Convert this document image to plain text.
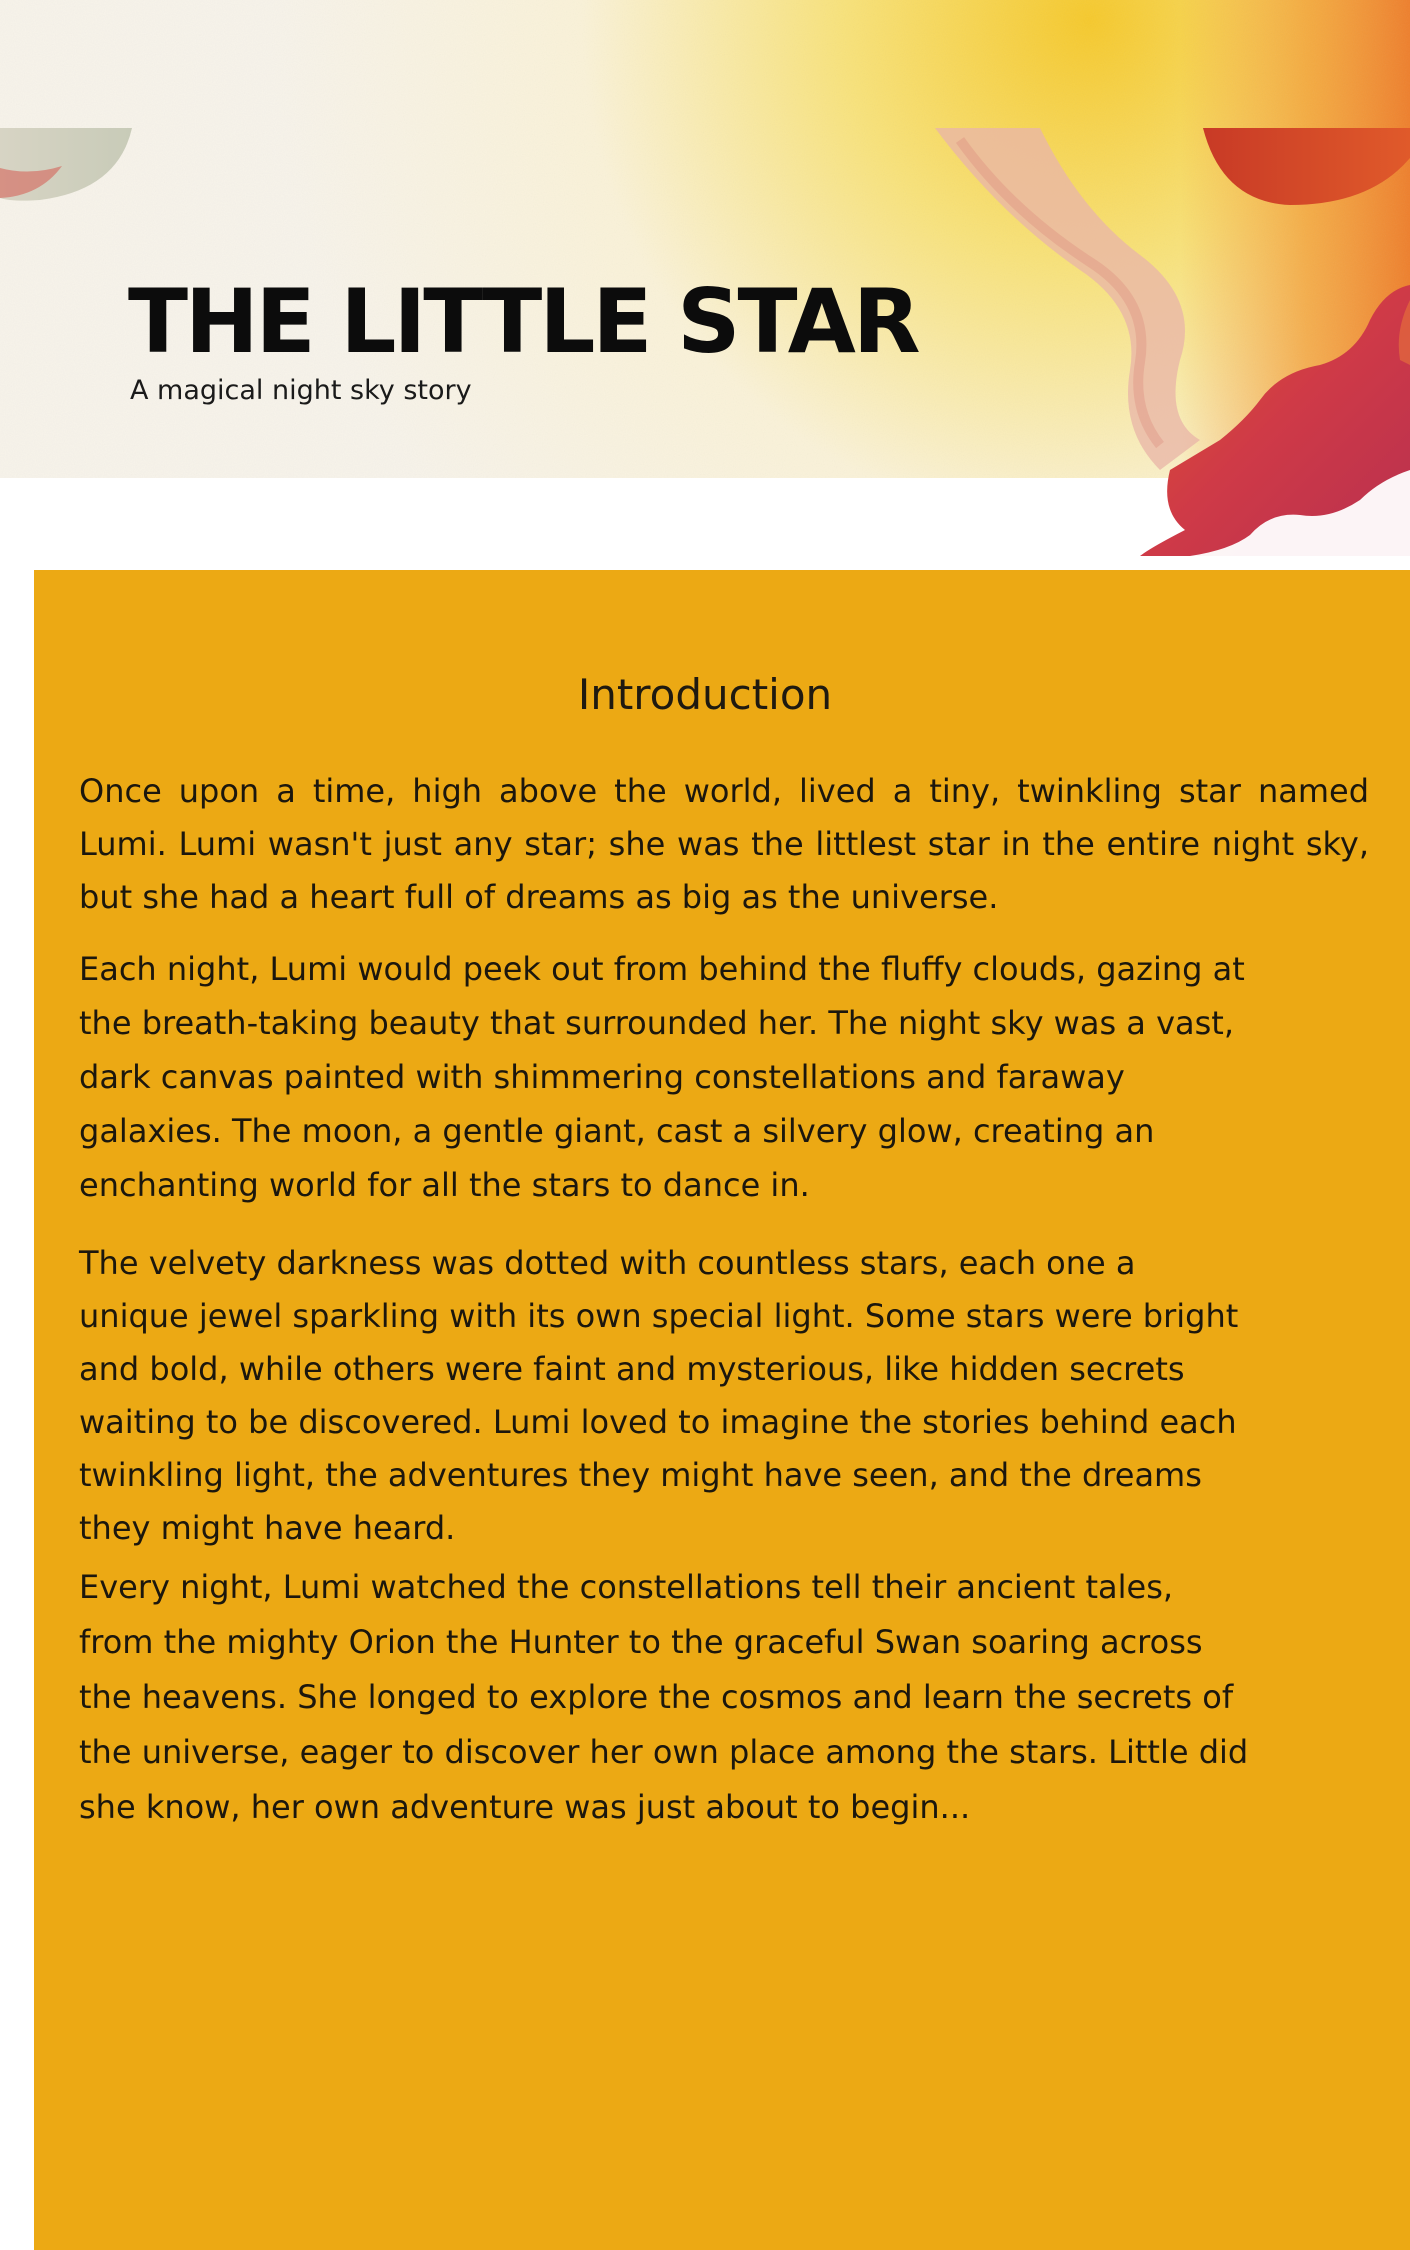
THE LITTLE STAR

A magical night sky story

Introduction

Once upon a time, high above the world, lived a tiny, twinkling star named Lumi. Lumi wasn't just any star; she was the littlest star in the entire night sky, but she had a heart full of dreams as big as the universe.

Each night, Lumi would peek out from behind the fluffy clouds, gazing at the breath-taking beauty that surrounded her. The night sky was a vast, dark canvas painted with shimmering constellations and faraway galaxies. The moon, a gentle giant, cast a silvery glow, creating an enchanting world for all the stars to dance in.

The velvety darkness was dotted with countless stars, each one a unique jewel sparkling with its own special light. Some stars were bright and bold, while others were faint and mysterious, like hidden secrets waiting to be discovered. Lumi loved to imagine the stories behind each twinkling light, the adventures they might have seen, and the dreams they might have heard.

Every night, Lumi watched the constellations tell their ancient tales, from the mighty Orion the Hunter to the graceful Swan soaring across the heavens. She longed to explore the cosmos and learn the secrets of the universe, eager to discover her own place among the stars. Little did she know, her own adventure was just about to begin...
